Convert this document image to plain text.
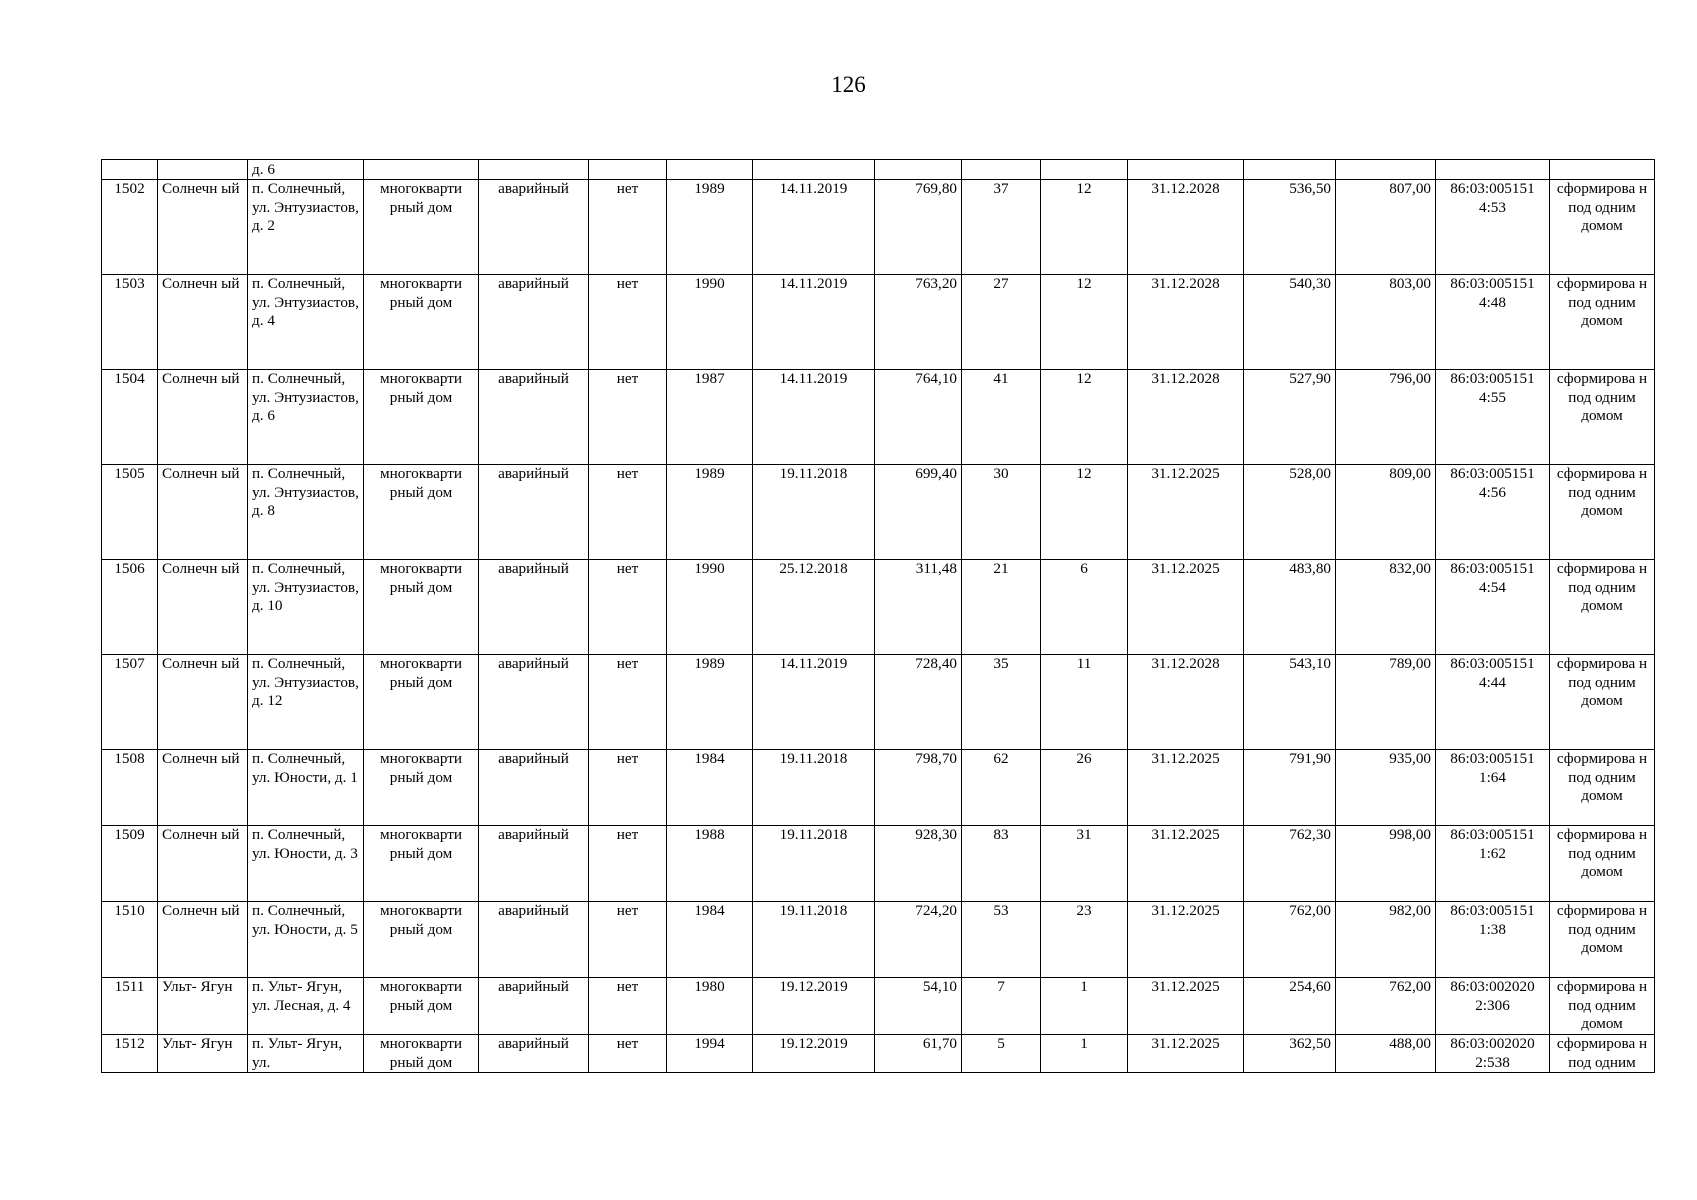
126
		д. 6													
1502	Солнечн ый	п. Солнечный, ул. Энтузиастов, д. 2	многокварти рный дом	аварийный	нет	1989	14.11.2019	769,80	37	12	31.12.2028	536,50	807,00	86:03:005151 4:53	сформирова н под одним домом
1503	Солнечн ый	п. Солнечный, ул. Энтузиастов, д. 4	многокварти рный дом	аварийный	нет	1990	14.11.2019	763,20	27	12	31.12.2028	540,30	803,00	86:03:005151 4:48	сформирова н под одним домом
1504	Солнечн ый	п. Солнечный, ул. Энтузиастов, д. 6	многокварти рный дом	аварийный	нет	1987	14.11.2019	764,10	41	12	31.12.2028	527,90	796,00	86:03:005151 4:55	сформирова н под одним домом
1505	Солнечн ый	п. Солнечный, ул. Энтузиастов, д. 8	многокварти рный дом	аварийный	нет	1989	19.11.2018	699,40	30	12	31.12.2025	528,00	809,00	86:03:005151 4:56	сформирова н под одним домом
1506	Солнечн ый	п. Солнечный, ул. Энтузиастов, д. 10	многокварти рный дом	аварийный	нет	1990	25.12.2018	311,48	21	6	31.12.2025	483,80	832,00	86:03:005151 4:54	сформирова н под одним домом
1507	Солнечн ый	п. Солнечный, ул. Энтузиастов, д. 12	многокварти рный дом	аварийный	нет	1989	14.11.2019	728,40	35	11	31.12.2028	543,10	789,00	86:03:005151 4:44	сформирова н под одним домом
1508	Солнечн ый	п. Солнечный, ул. Юности, д. 1	многокварти рный дом	аварийный	нет	1984	19.11.2018	798,70	62	26	31.12.2025	791,90	935,00	86:03:005151 1:64	сформирова н под одним домом
1509	Солнечн ый	п. Солнечный, ул. Юности, д. 3	многокварти рный дом	аварийный	нет	1988	19.11.2018	928,30	83	31	31.12.2025	762,30	998,00	86:03:005151 1:62	сформирова н под одним домом
1510	Солнечн ый	п. Солнечный, ул. Юности, д. 5	многокварти рный дом	аварийный	нет	1984	19.11.2018	724,20	53	23	31.12.2025	762,00	982,00	86:03:005151 1:38	сформирова н под одним домом
1511	Ульт- Ягун	п. Ульт- Ягун, ул. Лесная, д. 4	многокварти рный дом	аварийный	нет	1980	19.12.2019	54,10	7	1	31.12.2025	254,60	762,00	86:03:002020 2:306	сформирова н под одним домом
1512	Ульт- Ягун	п. Ульт- Ягун, ул.	многокварти рный дом	аварийный	нет	1994	19.12.2019	61,70	5	1	31.12.2025	362,50	488,00	86:03:002020 2:538	сформирова н под одним
